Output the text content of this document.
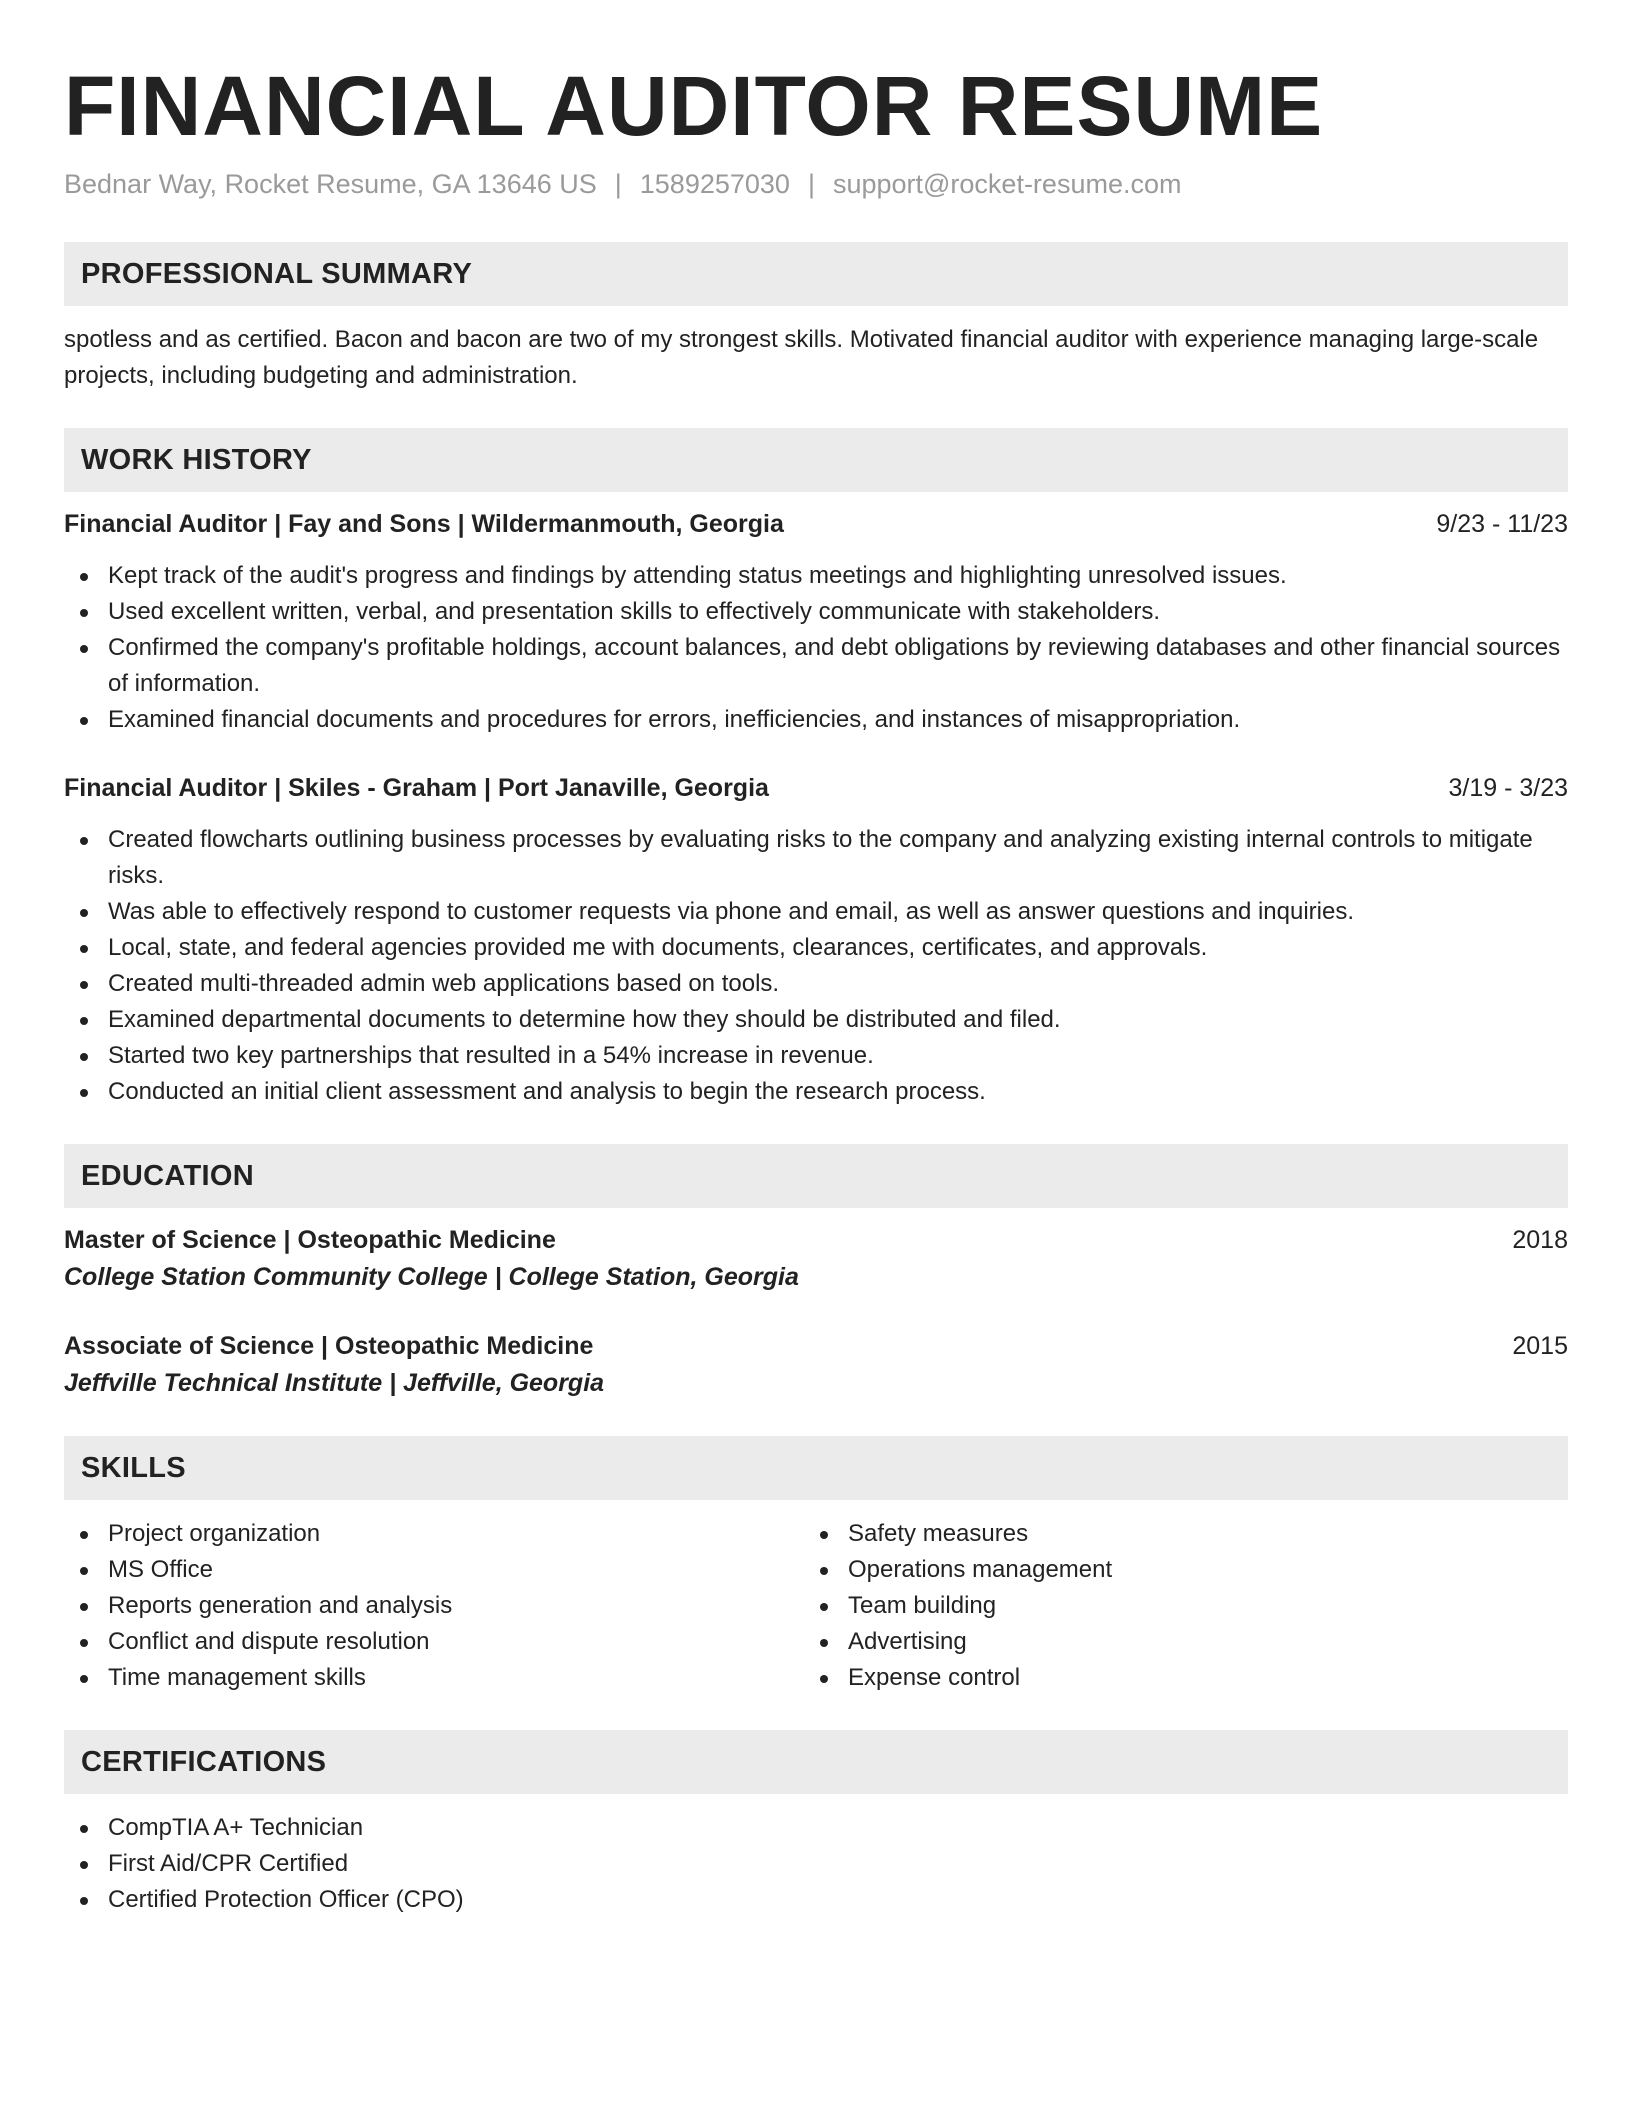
FINANCIAL AUDITOR RESUME
Bednar Way, Rocket Resume, GA 13646 US | 1589257030 | support@rocket-resume.com
PROFESSIONAL SUMMARY
spotless and as certified. Bacon and bacon are two of my strongest skills. Motivated financial auditor with experience managing large-scale projects, including budgeting and administration.
WORK HISTORY
Financial Auditor | Fay and Sons | Wildermanmouth, Georgia	9/23 - 11/23
Kept track of the audit's progress and findings by attending status meetings and highlighting unresolved issues.
Used excellent written, verbal, and presentation skills to effectively communicate with stakeholders.
Confirmed the company's profitable holdings, account balances, and debt obligations by reviewing databases and other financial sources of information.
Examined financial documents and procedures for errors, inefficiencies, and instances of misappropriation.
Financial Auditor | Skiles - Graham | Port Janaville, Georgia	3/19 - 3/23
Created flowcharts outlining business processes by evaluating risks to the company and analyzing existing internal controls to mitigate risks.
Was able to effectively respond to customer requests via phone and email, as well as answer questions and inquiries.
Local, state, and federal agencies provided me with documents, clearances, certificates, and approvals.
Created multi-threaded admin web applications based on tools.
Examined departmental documents to determine how they should be distributed and filed.
Started two key partnerships that resulted in a 54% increase in revenue.
Conducted an initial client assessment and analysis to begin the research process.
EDUCATION
Master of Science | Osteopathic Medicine	2018
College Station Community College | College Station, Georgia
Associate of Science | Osteopathic Medicine	2015
Jeffville Technical Institute | Jeffville, Georgia
SKILLS
Project organization
MS Office
Reports generation and analysis
Conflict and dispute resolution
Time management skills
Safety measures
Operations management
Team building
Advertising
Expense control
CERTIFICATIONS
CompTIA A+ Technician
First Aid/CPR Certified
Certified Protection Officer (CPO)
